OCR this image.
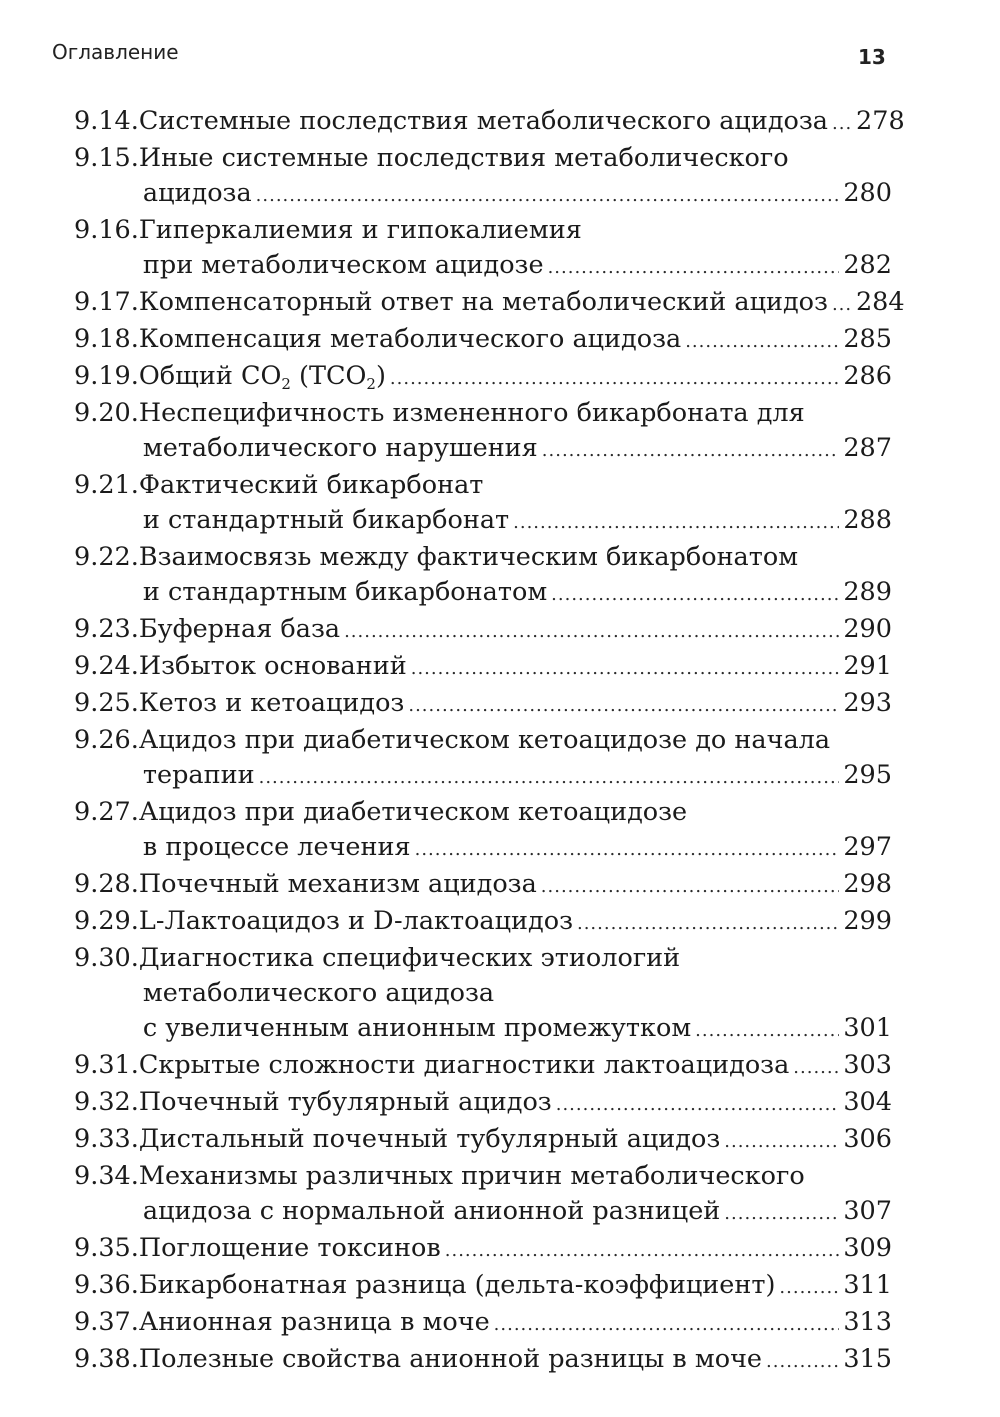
Оглавление	13
9.14. Системные последствия метаболического ацидоза ..... 278
9.15. Иные системные последствия метаболического
ацидоза .....	280
9.16. Гиперкалиемия и гипокалиемия
при метаболическом ацидозе .....	282
9.17. Компенсаторный ответ на метаболический ацидоз ..... 284
9.18. Компенсация метаболического ацидоза .....	285
9.19. Общий $CO_2$ $(TCO_2)$ .....	286
9.20. Неспецифичность измененного бикарбоната для
метаболического нарушения .....	287
9.21. Фактический бикарбонат
и стандартный бикарбонат .....	288
9.22. Взаимосвязь между фактическим бикарбонатом
и стандартным бикарбонатом .....	289
9.23. Буферная база .....	290
9.24. Избыток оснований .....	291
9.25. Кетоз и кетоацидоз .....	293
9.26. Ацидоз при диабетическом кетоацидозе до начала
терапии .....	295
9.27. Ацидоз при диабетическом кетоацидозе
в процессе лечения .....	297
9.28. Почечный механизм ацидоза .....	298
9.29. L-Лактоацидоз и D-лактоацидоз .....	299
9.30. Диагностика специфических этиологий
метаболического ацидоза
с увеличенным анионным промежутком .....	301
9.31. Скрытые сложности диагностики лактоацидоза ..... 303
9.32. Почечный тубулярный ацидоз .....	304
9.33. Дистальный почечный тубулярный ацидоз .....	306
9.34. Механизмы различных причин метаболического
ацидоза с нормальной анионной разницей .....	307
9.35. Поглощение токсинов .....	309
9.36. Бикарбонатная разница (дельта-коэффициент) .....	311
9.37. Анионная разница в моче .....	313
9.38. Полезные свойства анионной разницы в моче .....	315
